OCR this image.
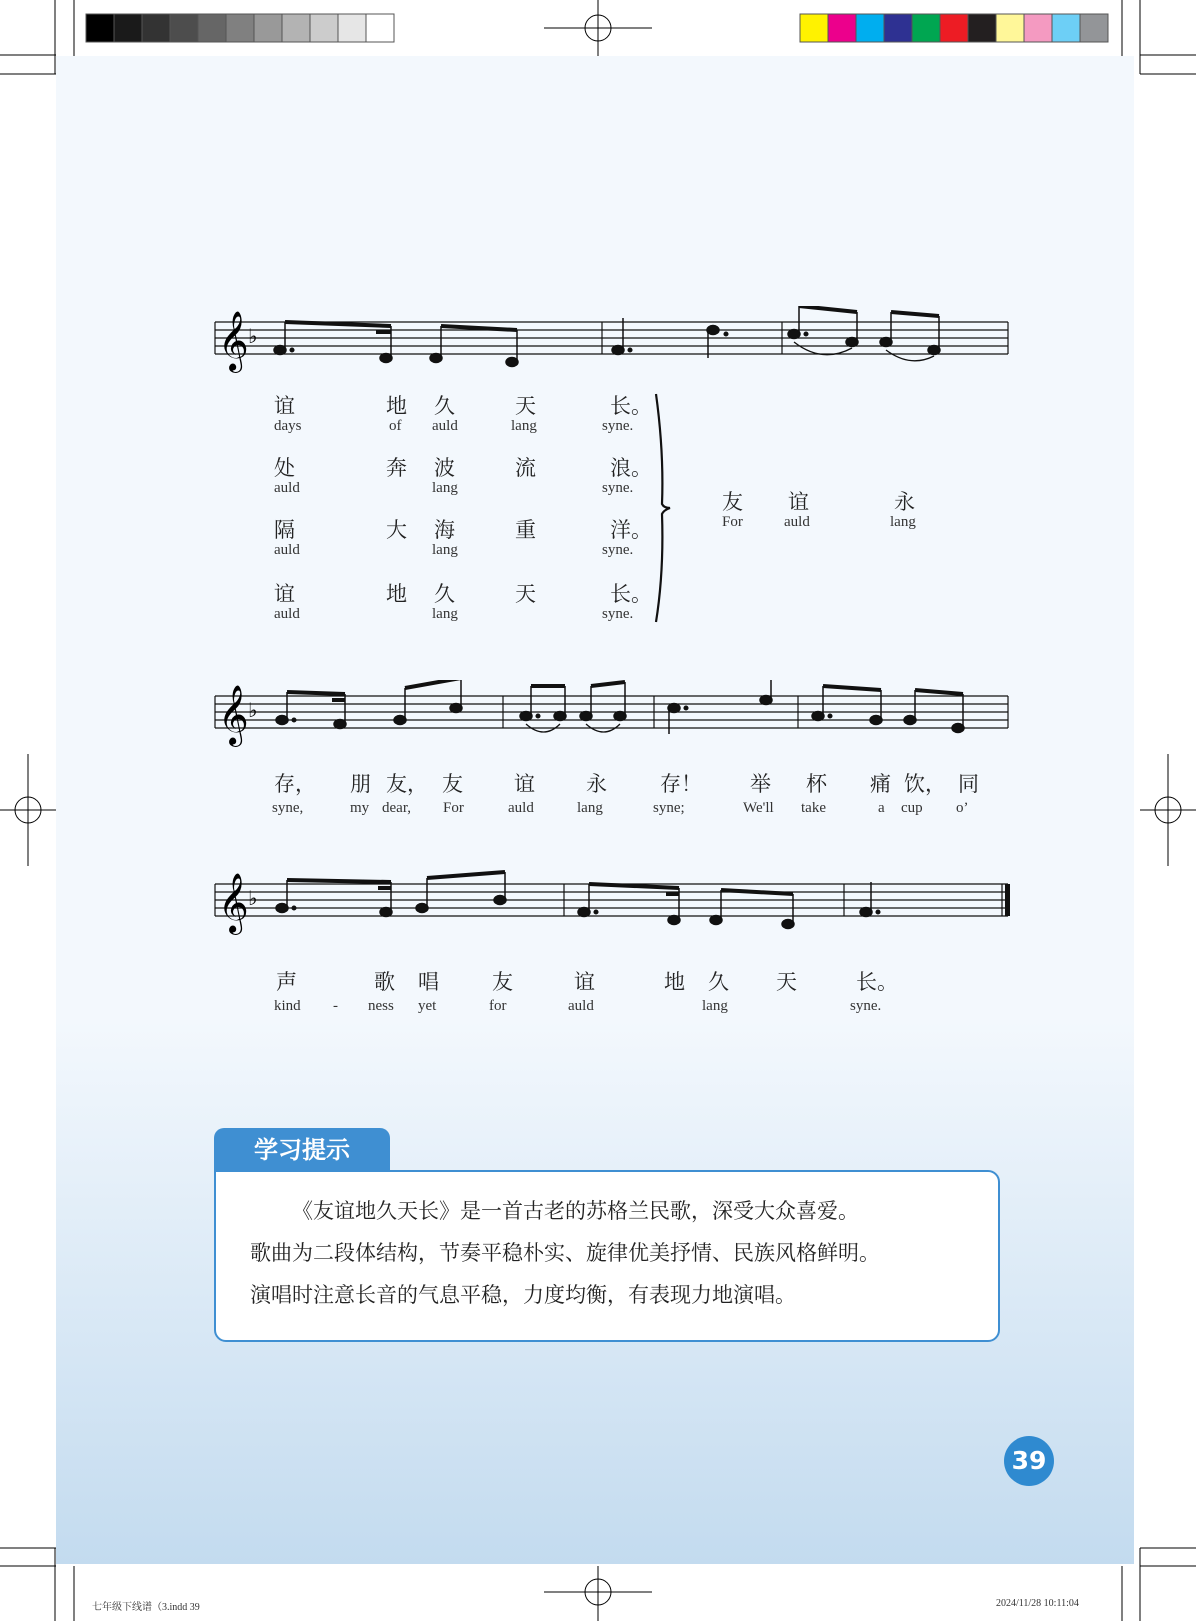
𝄞 ♭
谊	地 久	天	长。
days	of auld	lang	syne.
处	奔 波	流	浪。
auld	lang	syne.
隔	大 海	重	洋。
auld	lang	syne.
谊	地 久	天	长。
auld	lang	syne.
友 谊	永
For	auld	lang
𝄞 ♭
存， 朋 友， 友 谊 永	存！ 举 杯 痛 饮， 同
syne,	my dear, For	auld	lang	syne;	We'll take	a cup o’
𝄞 ♭
声	歌 唱	友	谊	地 久 天	长。
kind - ness yet	for	auld	lang	syne.
学习提示

《友谊地久天长》是一首古老的苏格兰民歌，深受大众喜爱。

歌曲为二段体结构，节奏平稳朴实、旋律优美抒情、民族风格鲜明。

演唱时注意长音的气息平稳，力度均衡，有表现力地演唱。

39
七年级下线谱（3.indd 39	2024/11/28 10:11:04
